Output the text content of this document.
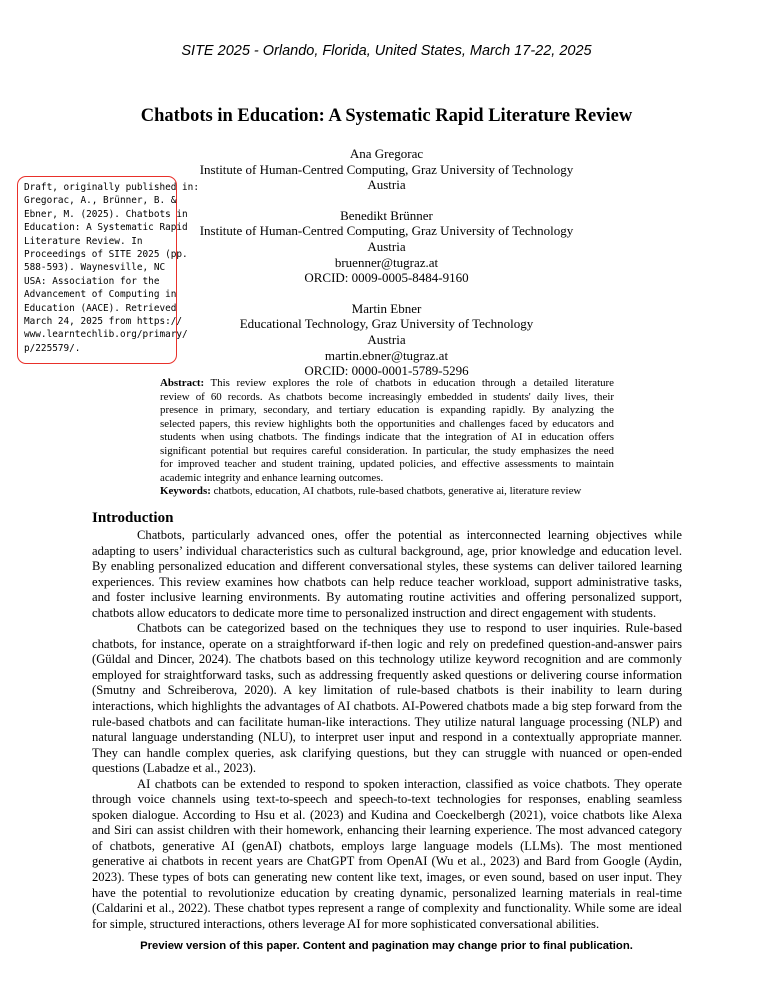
SITE 2025 - Orlando, Florida, United States, March 17-22, 2025
Chatbots in Education: A Systematic Rapid Literature Review
Ana Gregorac
Institute of Human-Centred Computing, Graz University of Technology
Austria
Benedikt Brünner
Institute of Human-Centred Computing, Graz University of Technology
Austria
bruenner@tugraz.at
ORCID: 0009-0005-8484-9160
Martin Ebner
Educational Technology, Graz University of Technology
Austria
martin.ebner@tugraz.at
ORCID: 0000-0001-5789-5296
Draft, originally published in:
Gregorac, A., Brünner, B. &
Ebner, M. (2025). Chatbots in
Education: A Systematic Rapid
Literature Review. In
Proceedings of SITE 2025 (pp.
588-593). Waynesville, NC
USA: Association for the
Advancement of Computing in
Education (AACE). Retrieved
March 24, 2025 from https://
www.learntechlib.org/primary/
p/225579/.
Abstract: This review explores the role of chatbots in education through a detailed literature
review of 60 records. As chatbots become increasingly embedded in students' daily lives, their
presence in primary, secondary, and tertiary education is expanding rapidly. By analyzing the
selected papers, this review highlights both the opportunities and challenges faced by educators and
students when using chatbots. The findings indicate that the integration of AI in education offers
significant potential but requires careful consideration. In particular, the study emphasizes the need
for improved teacher and student training, updated policies, and effective assessments to maintain
academic integrity and enhance learning outcomes.
Keywords: chatbots, education, AI chatbots, rule-based chatbots, generative ai, literature review
Introduction
Chatbots, particularly advanced ones, offer the potential as interconnected learning objectives while
adapting to users’ individual characteristics such as cultural background, age, prior knowledge and education level.
By enabling personalized education and different conversational styles, these systems can deliver tailored learning
experiences. This review examines how chatbots can help reduce teacher workload, support administrative tasks,
and foster inclusive learning environments. By automating routine activities and offering personalized support,
chatbots allow educators to dedicate more time to personalized instruction and direct engagement with students.
Chatbots can be categorized based on the techniques they use to respond to user inquiries. Rule-based
chatbots, for instance, operate on a straightforward if-then logic and rely on predefined question-and-answer pairs
(Güldal and Dincer, 2024). The chatbots based on this technology utilize keyword recognition and are commonly
employed for straightforward tasks, such as addressing frequently asked questions or delivering course information
(Smutny and Schreiberova, 2020). A key limitation of rule-based chatbots is their inability to learn during
interactions, which highlights the advantages of AI chatbots. AI-Powered chatbots made a big step forward from the
rule-based chatbots and can facilitate human-like interactions. They utilize natural language processing (NLP) and
natural language understanding (NLU), to interpret user input and respond in a contextually appropriate manner.
They can handle complex queries, ask clarifying questions, but they can struggle with nuanced or open-ended
questions (Labadze et al., 2023).
AI chatbots can be extended to respond to spoken interaction, classified as voice chatbots. They operate
through voice channels using text-to-speech and speech-to-text technologies for responses, enabling seamless
spoken dialogue. According to Hsu et al. (2023) and Kudina and Coeckelbergh (2021), voice chatbots like Alexa
and Siri can assist children with their homework, enhancing their learning experience. The most advanced category
of chatbots, generative AI (genAI) chatbots, employs large language models (LLMs). The most mentioned
generative ai chatbots in recent years are ChatGPT from OpenAI (Wu et al., 2023) and Bard from Google (Aydin,
2023). These types of bots can generating new content like text, images, or even sound, based on user input. They
have the potential to revolutionize education by creating dynamic, personalized learning materials in real-time
(Caldarini et al., 2022). These chatbot types represent a range of complexity and functionality. While some are ideal
for simple, structured interactions, others leverage AI for more sophisticated conversational abilities.
Preview version of this paper. Content and pagination may change prior to final publication.
